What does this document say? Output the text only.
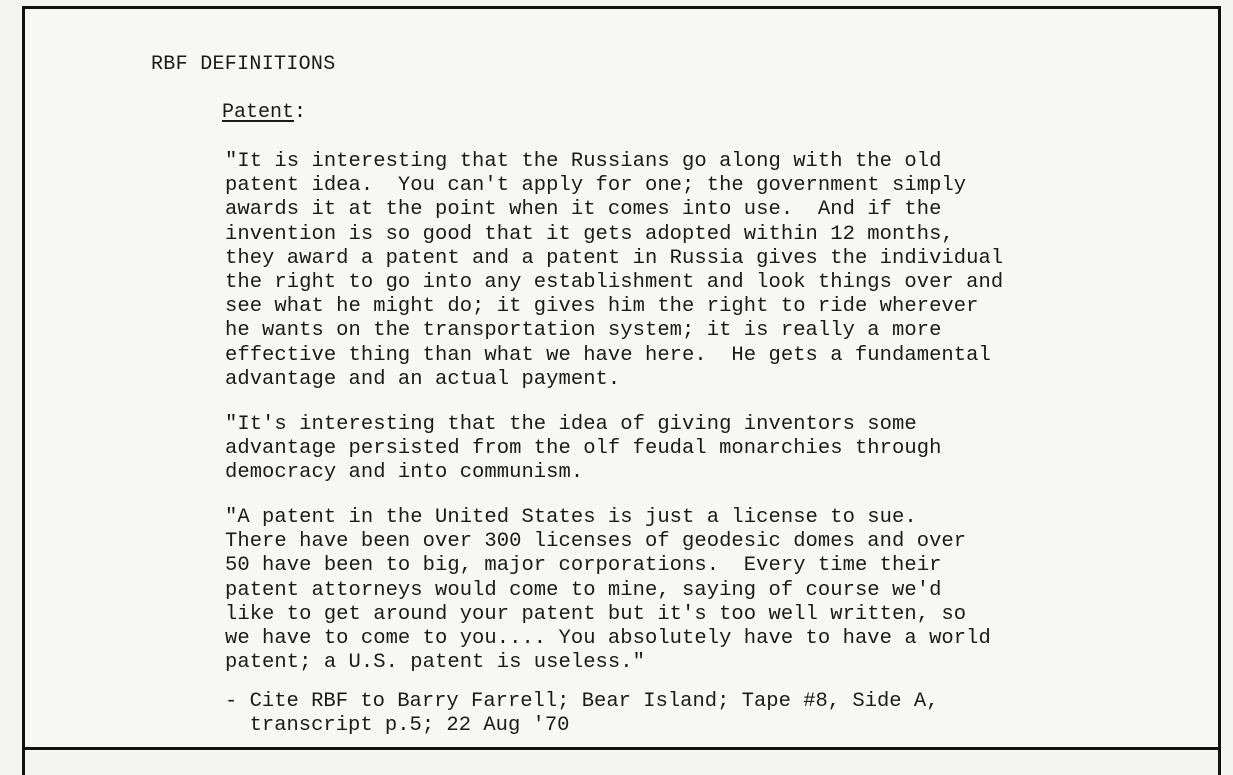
RBF DEFINITIONS
Patent:

"It is interesting that the Russians go along with the old
patent idea.  You can't apply for one; the government simply
awards it at the point when it comes into use.  And if the
invention is so good that it gets adopted within 12 months,
they award a patent and a patent in Russia gives the individual
the right to go into any establishment and look things over and
see what he might do; it gives him the right to ride wherever
he wants on the transportation system; it is really a more
effective thing than what we have here.  He gets a fundamental
advantage and an actual payment.

"It's interesting that the idea of giving inventors some
advantage persisted from the olf feudal monarchies through
democracy and into communism.

"A patent in the United States is just a license to sue.
There have been over 300 licenses of geodesic domes and over
50 have been to big, major corporations.  Every time their
patent attorneys would come to mine, saying of course we'd
like to get around your patent but it's too well written, so
we have to come to you.... You absolutely have to have a world
patent; a U.S. patent is useless."

- Cite RBF to Barry Farrell; Bear Island; Tape #8, Side A,
transcript p.5; 22 Aug '70
